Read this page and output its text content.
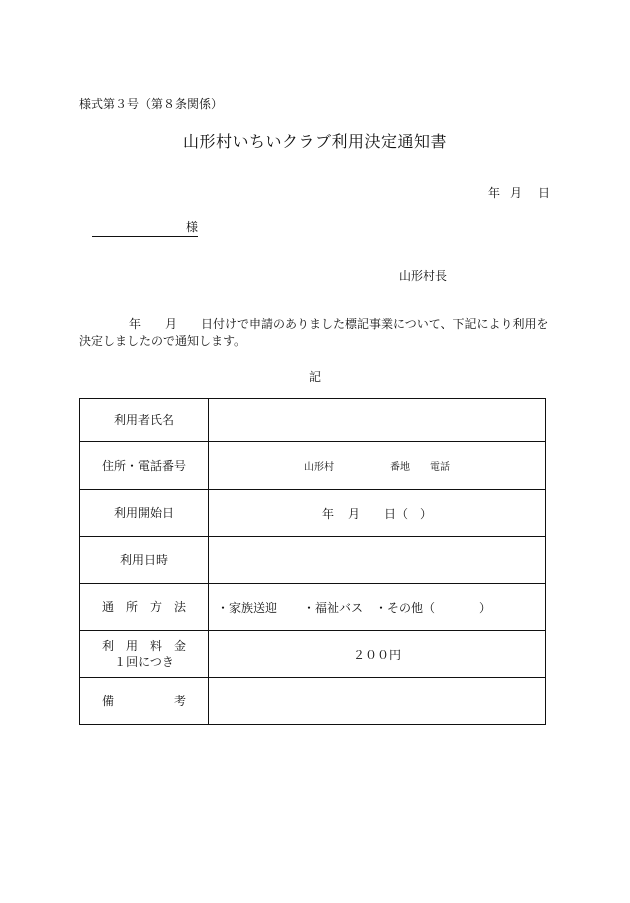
様式第３号（第８条関係）
山形村いちいクラブ利用決定通知書
年 月 日
様
山形村長
年 月 日付けで申請のありました標記事業について、下記により利用を決定しましたので通知します。
記
利用者氏名	
住所・電話番号	山形村 番地 電話
利用開始日	年 月 日（　）
利用日時	
通　所　方　法	・家族送迎 ・福祉バス ・その他（ ）

利　用　料　金
１回につき	２００円
備　　　　　考	
